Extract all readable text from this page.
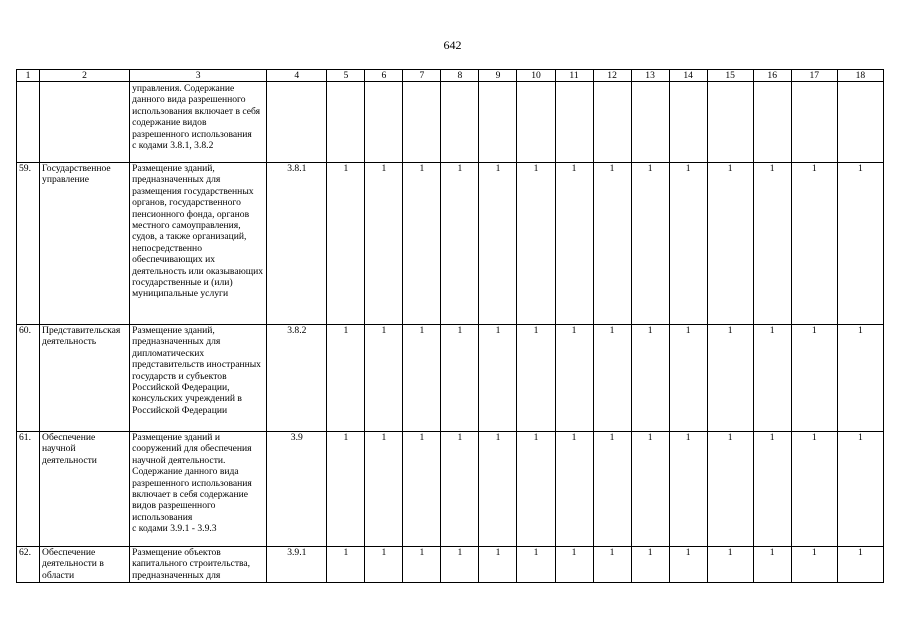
642
1	2	3	4	5	6	7	8	9	10	11	12	13	14	15	16	17	18
		управления. Содержание данного вида разрешенного использования включает в себя содержание видов разрешенного использования
с кодами 3.8.1, 3.8.2															
59.	Государственное управление	Размещение зданий, предназначенных для размещения государственных органов, государственного пенсионного фонда, органов местного самоуправления, судов, а также организаций, непосредственно обеспечивающих их деятельность или оказывающих государственные и (или) муниципальные услуги	3.8.1	1	1	1	1	1	1	1	1	1	1	1	1	1	1
60.	Представительская деятельность	Размещение зданий, предназначенных для дипломатических представительств иностранных государств и субъектов Российской Федерации, консульских учреждений в Российской Федерации	3.8.2	1	1	1	1	1	1	1	1	1	1	1	1	1	1
61.	Обеспечение научной деятельности	Размещение зданий и сооружений для обеспечения научной деятельности. Содержание данного вида разрешенного использования включает в себя содержание видов разрешенного использования
с кодами 3.9.1 - 3.9.3	3.9	1	1	1	1	1	1	1	1	1	1	1	1	1	1
62.	Обеспечение деятельности в области	Размещение объектов капитального строительства, предназначенных для	3.9.1	1	1	1	1	1	1	1	1	1	1	1	1	1	1
